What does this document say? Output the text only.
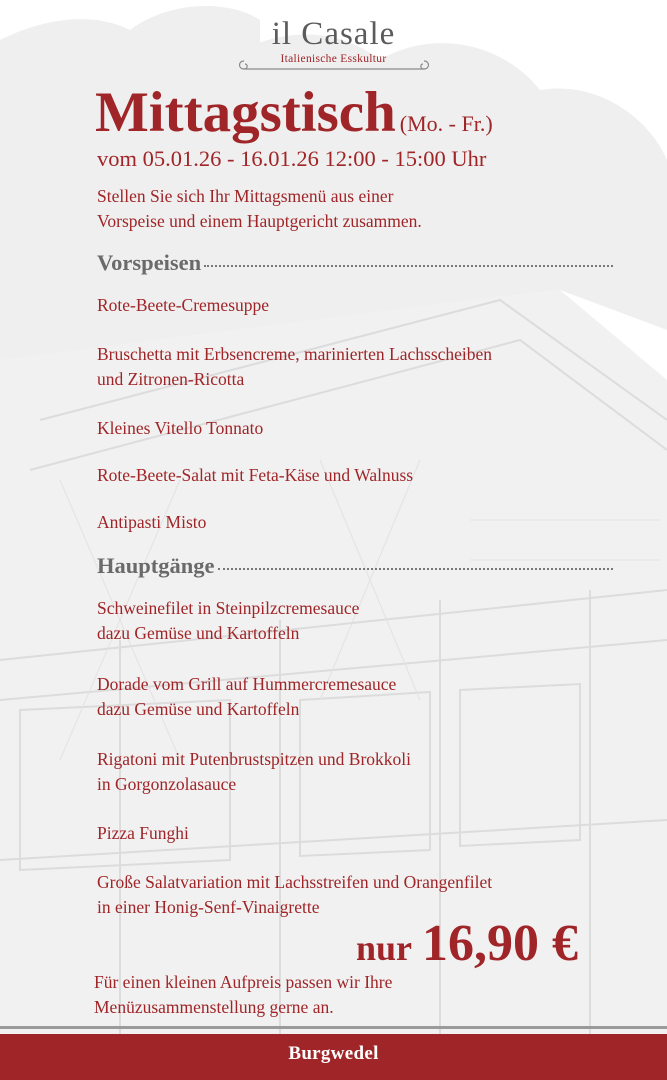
il Casale
Italienische Esskultur
Mittagstisch (Mo. - Fr.)
vom 05.01.26 - 16.01.26 12:00 - 15:00 Uhr
Stellen Sie sich Ihr Mittagsmenü aus einer
Vorspeise und einem Hauptgericht zusammen.
Vorspeisen
Rote-Beete-Cremesuppe
Bruschetta mit Erbsencreme, marinierten Lachsscheiben
und Zitronen-Ricotta
Kleines Vitello Tonnato
Rote-Beete-Salat mit Feta-Käse und Walnuss
Antipasti Misto
Hauptgänge
Schweinefilet in Steinpilzcremesauce
dazu Gemüse und Kartoffeln
Dorade vom Grill auf Hummercremesauce
dazu Gemüse und Kartoffeln
Rigatoni mit Putenbrustspitzen und Brokkoli
in Gorgonzolasauce
Pizza Funghi
Große Salatvariation mit Lachsstreifen und Orangenfilet
in einer Honig-Senf-Vinaigrette
nur 16,90 €
Für einen kleinen Aufpreis passen wir Ihre
Menüzusammenstellung gerne an.
Burgwedel
